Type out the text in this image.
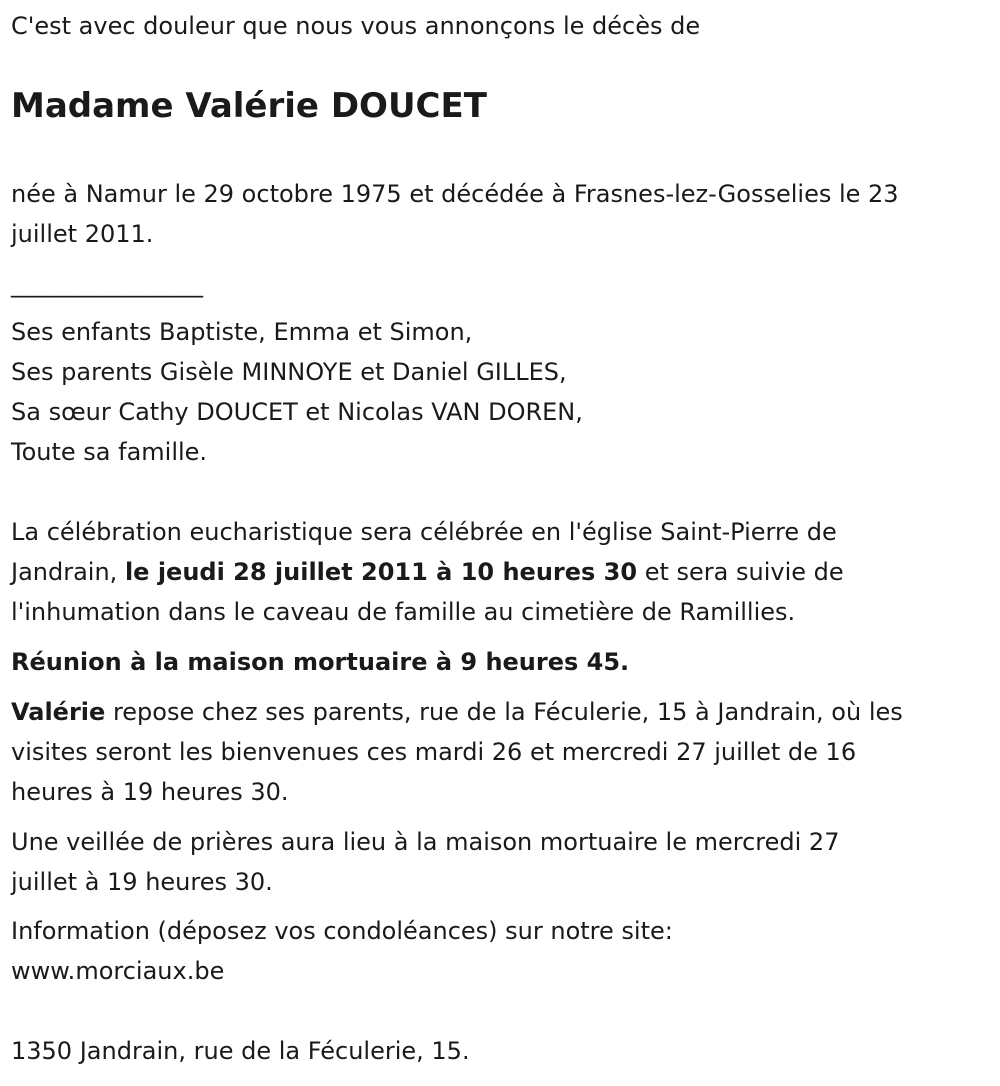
C'est avec douleur que nous vous annonçons le décès de

Madame Valérie DOUCET

née à Namur le 29 octobre 1975 et décédée à Frasnes-lez-Gosselies le 23

juillet 2011.

________________

Ses enfants Baptiste, Emma et Simon,

Ses parents Gisèle MINNOYE et Daniel GILLES,

Sa sœur Cathy DOUCET et Nicolas VAN DOREN,

Toute sa famille.

La célébration eucharistique sera célébrée en l'église Saint-Pierre de

Jandrain, le jeudi 28 juillet 2011 à 10 heures 30 et sera suivie de

l'inhumation dans le caveau de famille au cimetière de Ramillies.

Réunion à la maison mortuaire à 9 heures 45.

Valérie repose chez ses parents, rue de la Féculerie, 15 à Jandrain, où les

visites seront les bienvenues ces mardi 26 et mercredi 27 juillet de 16

heures à 19 heures 30.

Une veillée de prières aura lieu à la maison mortuaire le mercredi 27

juillet à 19 heures 30.

Information (déposez vos condoléances) sur notre site:

www.morciaux.be

1350 Jandrain, rue de la Féculerie, 15.
